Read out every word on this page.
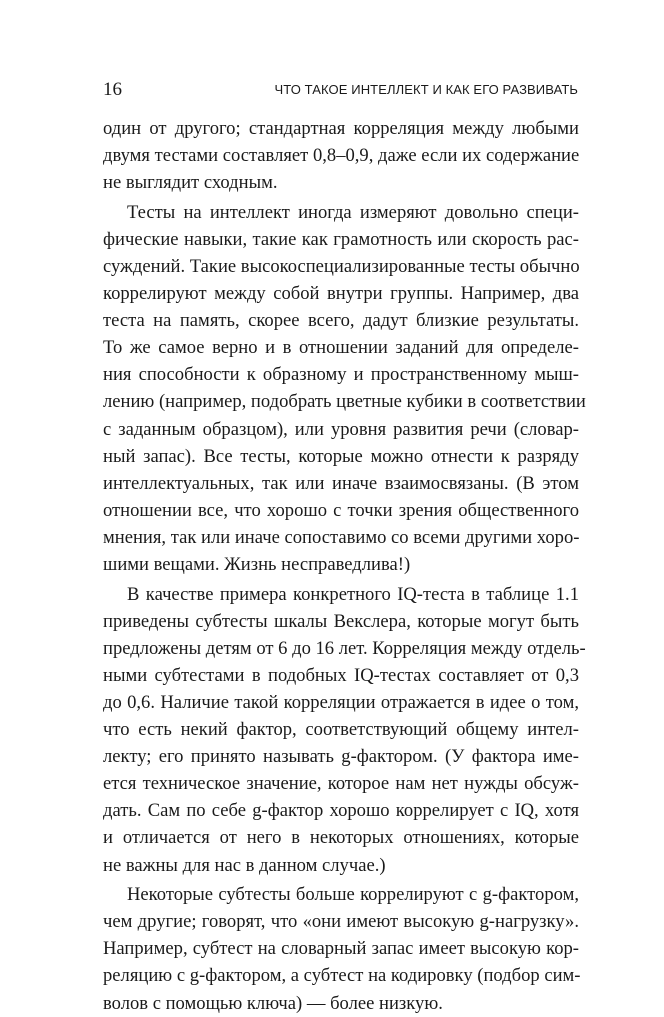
16	ЧТО ТАКОЕ ИНТЕЛЛЕКТ И КАК ЕГО РАЗВИВАТЬ
один от другого; стандартная корреляция между любыми
двумя тестами составляет 0,8–0,9, даже если их содержание
не выглядит сходным.
Тесты на интеллект иногда измеряют довольно специ-
фические навыки, такие как грамотность или скорость рас-
суждений. Такие высокоспециализированные тесты обычно
коррелируют между собой внутри группы. Например, два
теста на память, скорее всего, дадут близкие результаты.
То же самое верно и в отношении заданий для определе-
ния способности к образному и пространственному мыш-
лению (например, подобрать цветные кубики в соответствии
с заданным образцом), или уровня развития речи (словар-
ный запас). Все тесты, которые можно отнести к разряду
интеллектуальных, так или иначе взаимосвязаны. (В этом
отношении все, что хорошо с точки зрения общественного
мнения, так или иначе сопоставимо со всеми другими хоро-
шими вещами. Жизнь несправедлива!)
В качестве примера конкретного IQ-теста в таблице 1.1
приведены субтесты шкалы Векслера, которые могут быть
предложены детям от 6 до 16 лет. Корреляция между отдель-
ными субтестами в подобных IQ-тестах составляет от 0,3
до 0,6. Наличие такой корреляции отражается в идее о том,
что есть некий фактор, соответствующий общему интел-
лекту; его принято называть g-фактором. (У фактора име-
ется техническое значение, которое нам нет нужды обсуж-
дать. Сам по себе g-фактор хорошо коррелирует с IQ, хотя
и отличается от него в некоторых отношениях, которые
не важны для нас в данном случае.)
Некоторые субтесты больше коррелируют с g-фактором,
чем другие; говорят, что «они имеют высокую g-нагрузку».
Например, субтест на словарный запас имеет высокую кор-
реляцию с g-фактором, а субтест на кодировку (подбор сим-
волов с помощью ключа) — более низкую.
